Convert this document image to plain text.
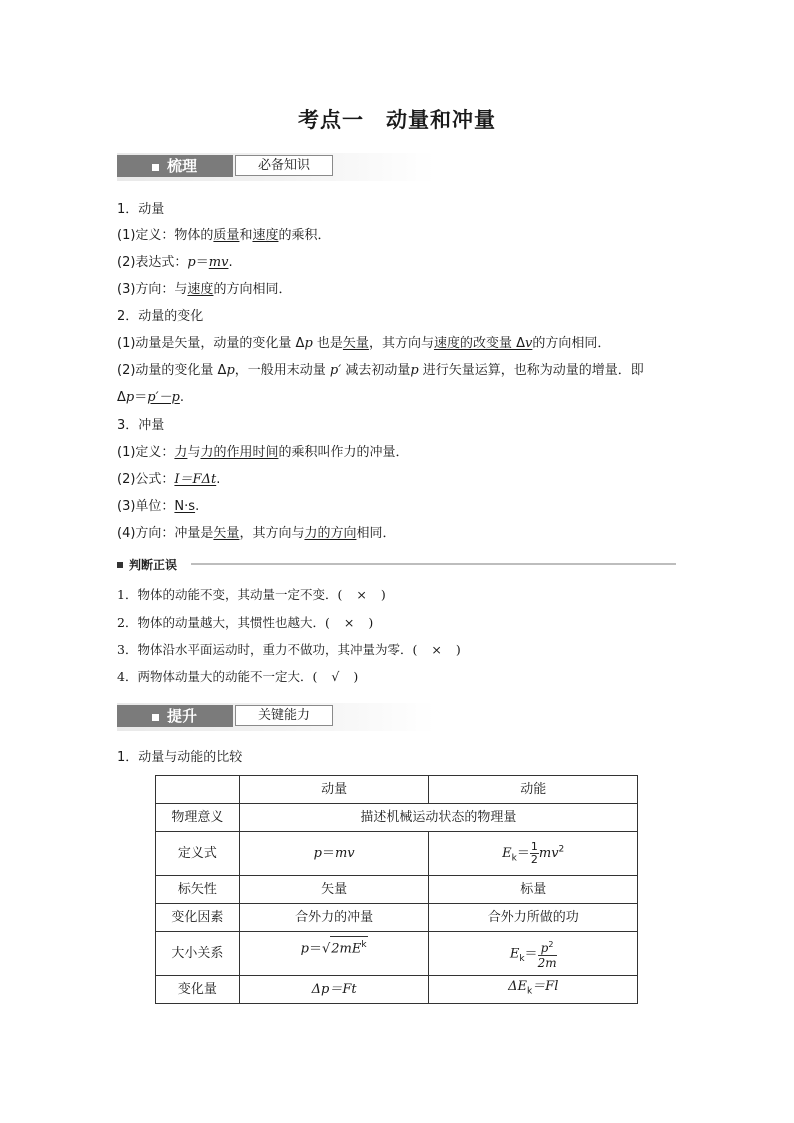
考点一 动量和冲量
梳理	必备知识
1．动量
(1)定义：物体的质量和速度的乘积．
(2)表达式：p＝mv.
(3)方向：与速度的方向相同．
2．动量的变化
(1)动量是矢量，动量的变化量 Δp 也是矢量，其方向与速度的改变量 Δv的方向相同．
(2)动量的变化量 Δp，一般用末动量 p′ 减去初动量p 进行矢量运算，也称为动量的增量．即
Δp＝p′－p.
3．冲量
(1)定义：力与力的作用时间的乘积叫作力的冲量．
(2)公式：I＝FΔt.
(3)单位：N·s.
(4)方向：冲量是矢量，其方向与力的方向相同．
判断正误
1．物体的动能不变，其动量一定不变．( × )
2．物体的动量越大，其惯性也越大．( × )
3．物体沿水平面运动时，重力不做功，其冲量为零．( × )
4．两物体动量大的动能不一定大．( √ )
提升	关键能力
1．动量与动能的比较
	动量	动能
物理意义	描述机械运动状态的物理量	
定义式	p＝mv	$E_k= \frac{1}{2} mv^2$
标矢性	矢量	标量
变化因素	合外力的冲量	合外力所做的功
大小关系	$p=√2mE^k$	$E_k= \frac{p^2}{2m}$

变化量	Δp＝Ft	$\Delta E_k=Fl$
